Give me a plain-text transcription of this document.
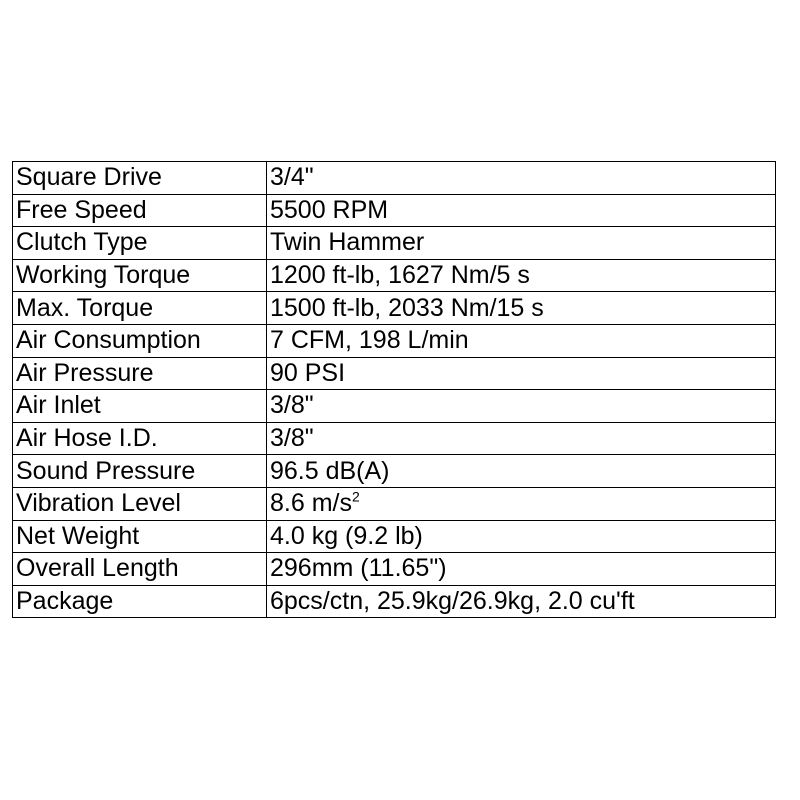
Square Drive	3/4"
Free Speed	5500 RPM
Clutch Type	Twin Hammer
Working Torque	1200 ft-lb, 1627 Nm/5 s
Max. Torque	1500 ft-lb, 2033 Nm/15 s
Air Consumption	7 CFM, 198 L/min
Air Pressure	90 PSI
Air Inlet	3/8"
Air Hose I.D.	3/8"
Sound Pressure	96.5 dB(A)
Vibration Level	8.6 $m/s^2$
Net Weight	4.0 kg (9.2 lb)
Overall Length	296mm (11.65")
Package	6pcs/ctn, 25.9kg/26.9kg, 2.0 cu'ft
